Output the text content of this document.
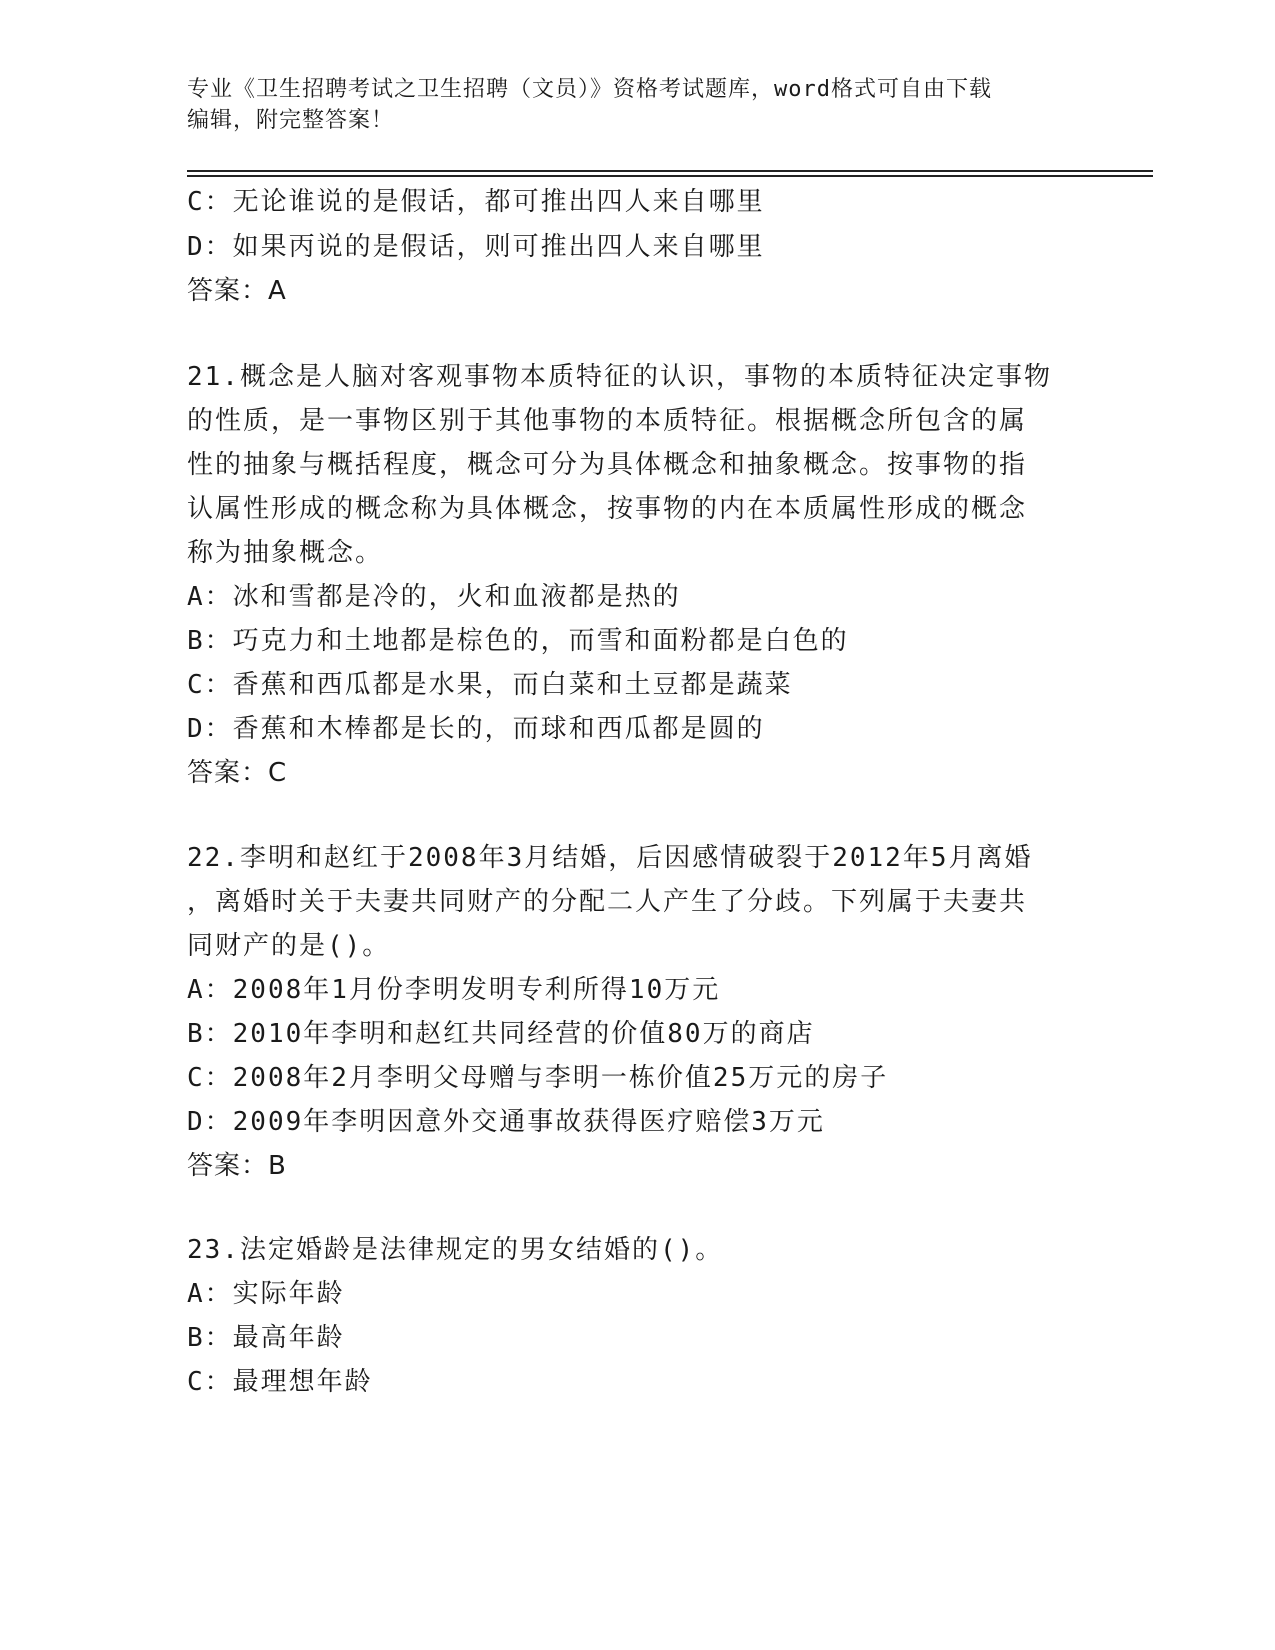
专业《卫生招聘考试之卫生招聘（文员）》资格考试题库，word格式可自由下载
编辑，附完整答案！
C：无论谁说的是假话，都可推出四人来自哪里
D：如果丙说的是假话，则可推出四人来自哪里
答案：A
21.概念是人脑对客观事物本质特征的认识，事物的本质特征决定事物
的性质，是一事物区别于其他事物的本质特征。根据概念所包含的属
性的抽象与概括程度，概念可分为具体概念和抽象概念。按事物的指
认属性形成的概念称为具体概念，按事物的内在本质属性形成的概念
称为抽象概念。
A：冰和雪都是冷的，火和血液都是热的
B：巧克力和土地都是棕色的，而雪和面粉都是白色的
C：香蕉和西瓜都是水果，而白菜和土豆都是蔬菜
D：香蕉和木棒都是长的，而球和西瓜都是圆的
答案：C
22.李明和赵红于2008年3月结婚，后因感情破裂于2012年5月离婚
，离婚时关于夫妻共同财产的分配二人产生了分歧。下列属于夫妻共
同财产的是()。
A：2008年1月份李明发明专利所得10万元
B：2010年李明和赵红共同经营的价值80万的商店
C：2008年2月李明父母赠与李明一栋价值25万元的房子
D：2009年李明因意外交通事故获得医疗赔偿3万元
答案：B
23.法定婚龄是法律规定的男女结婚的()。
A：实际年龄
B：最高年龄
C：最理想年龄
